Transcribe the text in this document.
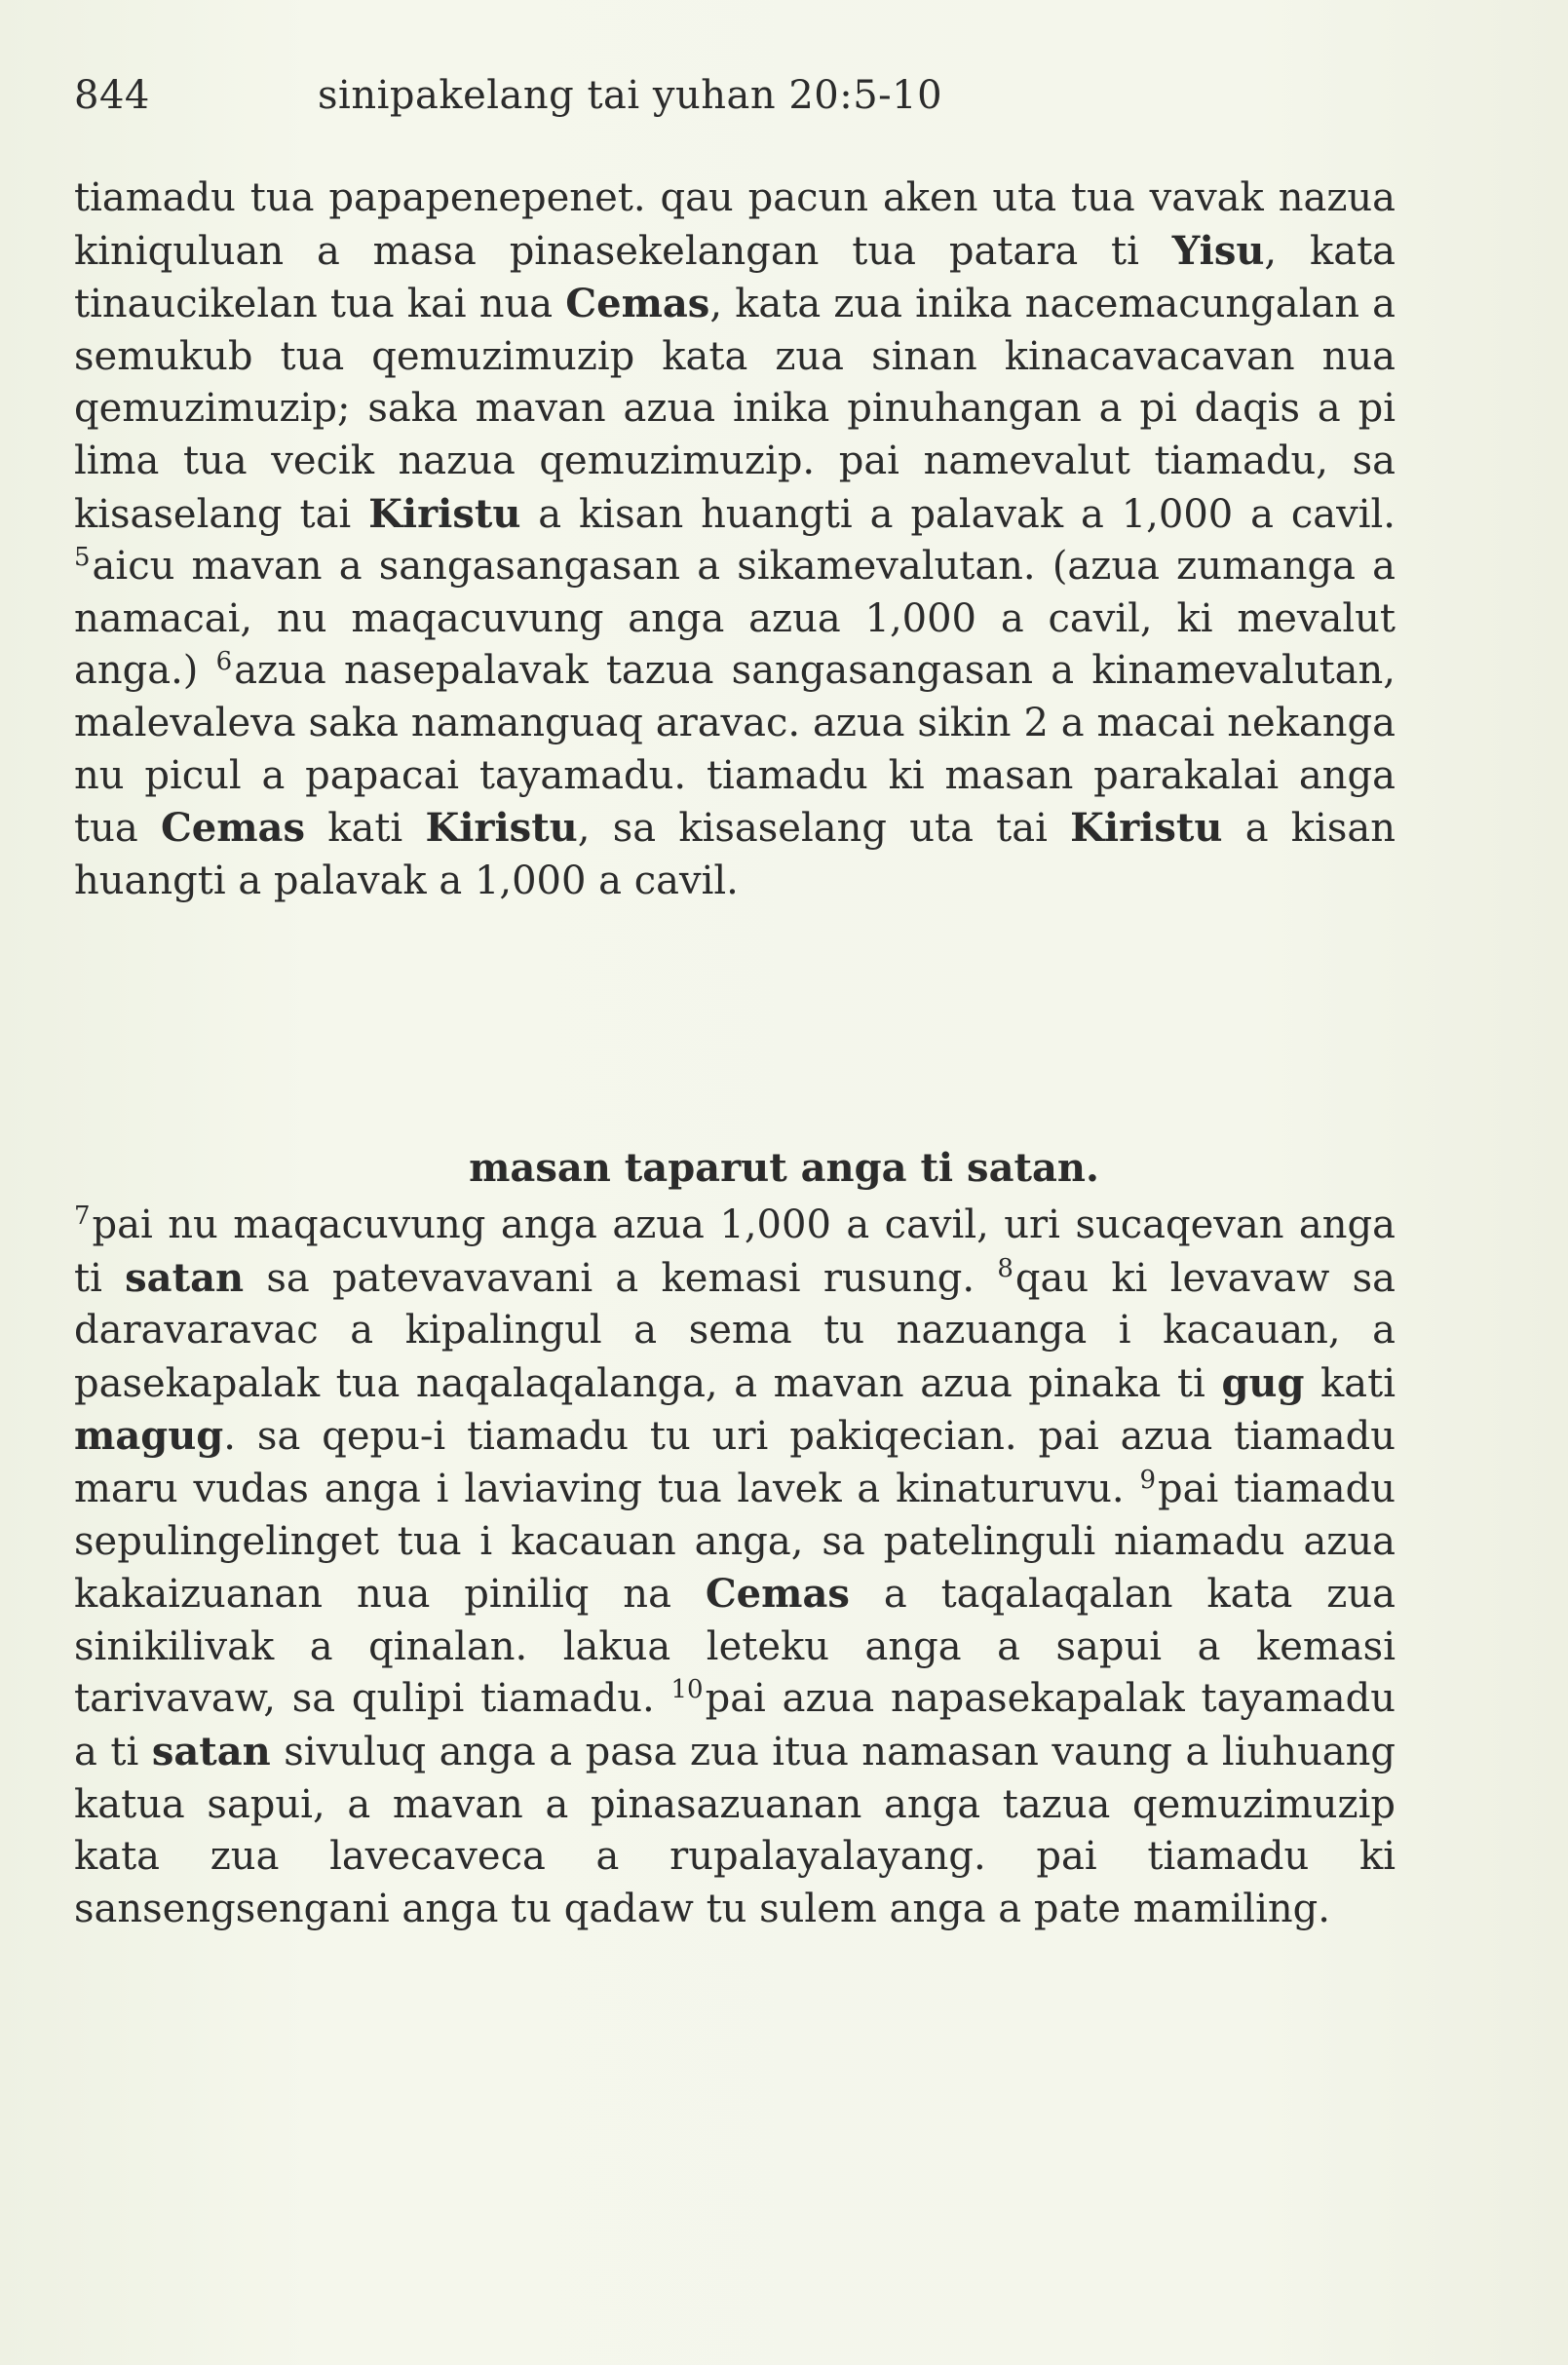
844	sinipakelang tai yuhan 20:5-10
tiamadu tua papapenepenet. qau pacun aken uta tua vavak nazua kiniquluan a masa pinasekelangan tua patara ti Yisu, kata tinaucikelan tua kai nua Cemas, kata zua inika nacemacungalan a semukub tua qemuzimuzip kata zua sinan kinacavacavan nua qemuzimuzip; saka mavan azua inika pinuhangan a pi daqis a pi lima tua vecik nazua qemuzimuzip. pai namevalut tiamadu, sa kisaselang tai Kiristu a kisan huangti a palavak a 1,000 a cavil. $^5$aicu mavan a sangasangasan a sikamevalutan. (azua zumanga a namacai, nu maqacuvung anga azua 1,000 a cavil, ki mevalut anga.) $^6$azua nasepalavak tazua sangasangasan a kinamevalutan, malevaleva saka namanguaq aravac. azua sikin 2 a macai nekanga nu picul a papacai tayamadu. tiamadu ki masan parakalai anga tua Cemas kati Kiristu, sa kisaselang uta tai Kiristu a kisan huangti a palavak a 1,000 a cavil.
masan taparut anga ti satan.
$^7$pai nu maqacuvung anga azua 1,000 a cavil, uri sucaqevan anga ti satan sa patevavavani a kemasi rusung. $^8$qau ki levavaw sa daravaravac a kipalingul a sema tu nazuanga i kacauan, a pasekapalak tua naqalaqalanga, a mavan azua pinaka ti gug kati magug. sa qepu-i tiamadu tu uri pakiqecian. pai azua tiamadu maru vudas anga i laviaving tua lavek a kinaturuvu. $^9$pai tiamadu sepulingelinget tua i kacauan anga, sa patelinguli niamadu azua kakaizuanan nua piniliq na Cemas a taqalaqalan kata zua sinikilivak a qinalan. lakua leteku anga a sapui a kemasi tarivavaw, sa qulipi tiamadu. $^{10}$pai azua napasekapalak tayamadu a ti satan sivuluq anga a pasa zua itua namasan vaung a liuhuang katua sapui, a mavan a pinasazuanan anga tazua qemuzimuzip kata zua lavecaveca a rupalayalayang. pai tiamadu ki sansengsengani anga tu qadaw tu sulem anga a pate mamiling.
